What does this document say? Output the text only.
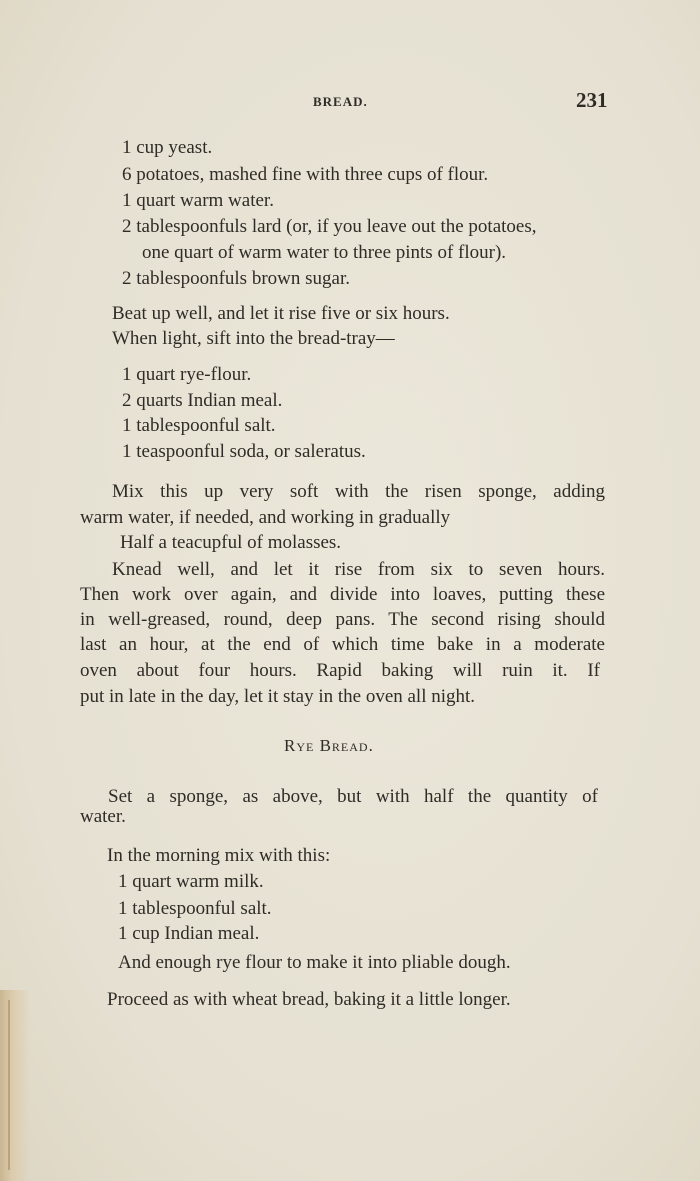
BREAD.	231
1 cup yeast.
6 potatoes, mashed fine with three cups of flour.
1 quart warm water.
2 tablespoonfuls lard (or, if you leave out the potatoes,
one quart of warm water to three pints of flour).
2 tablespoonfuls brown sugar.
Beat up well, and let it rise five or six hours.
When light, sift into the bread-tray—
1 quart rye-flour.
2 quarts Indian meal.
1 tablespoonful salt.
1 teaspoonful soda, or saleratus.
Mix this up very soft with the risen sponge, adding
warm water, if needed, and working in gradually
Half a teacupful of molasses.
Knead well, and let it rise from six to seven hours.
Then work over again, and divide into loaves, putting these
in well-greased, round, deep pans. The second rising should
last an hour, at the end of which time bake in a moderate
oven about four hours. Rapid baking will ruin it. If
put in late in the day, let it stay in the oven all night.
Rye Bread.
Set a sponge, as above, but with half the quantity of
water.
In the morning mix with this:
1 quart warm milk.
1 tablespoonful salt.
1 cup Indian meal.
And enough rye flour to make it into pliable dough.
Proceed as with wheat bread, baking it a little longer.
